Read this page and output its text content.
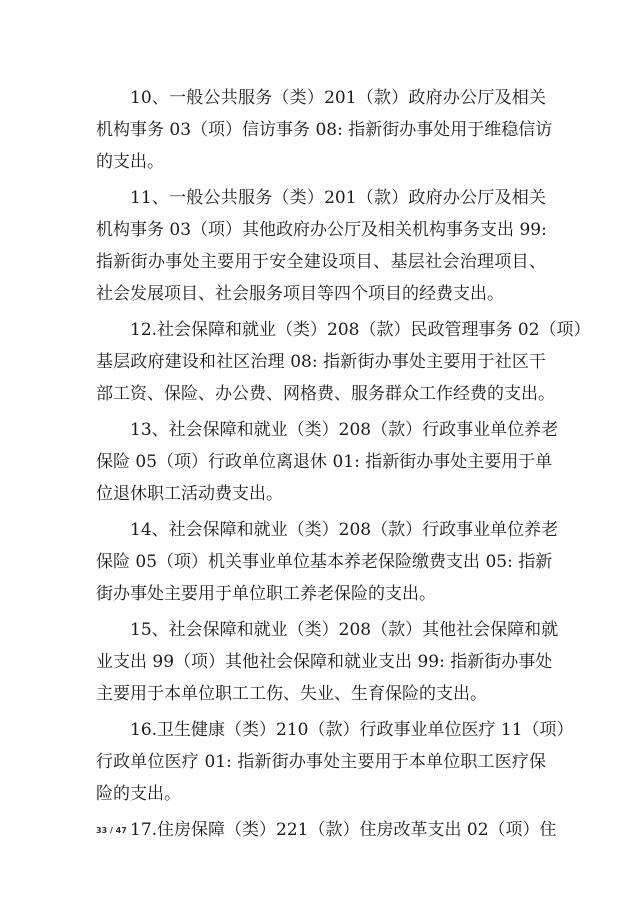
10、一般公共服务（类）201（款）政府办公厅及相关
机构事务 03（项）信访事务 08: 指新街办事处用于维稳信访
的支出。
11、一般公共服务（类）201（款）政府办公厅及相关
机构事务 03（项）其他政府办公厅及相关机构事务支出 99:
指新街办事处主要用于安全建设项目、基层社会治理项目、
社会发展项目、社会服务项目等四个项目的经费支出。
12.社会保障和就业（类）208（款）民政管理事务 02（项）
基层政府建设和社区治理 08: 指新街办事处主要用于社区干
部工资、保险、办公费、网格费、服务群众工作经费的支出。
13、社会保障和就业（类）208（款）行政事业单位养老
保险 05（项）行政单位离退休 01: 指新街办事处主要用于单
位退休职工活动费支出。
14、社会保障和就业（类）208（款）行政事业单位养老
保险 05（项）机关事业单位基本养老保险缴费支出 05: 指新
街办事处主要用于单位职工养老保险的支出。
15、社会保障和就业（类）208（款）其他社会保障和就
业支出 99（项）其他社会保障和就业支出 99: 指新街办事处
主要用于本单位职工工伤、失业、生育保险的支出。
16.卫生健康（类）210（款）行政事业单位医疗 11（项）
行政单位医疗 01: 指新街办事处主要用于本单位职工医疗保
险的支出。
17.住房保障（类）221（款）住房改革支出 02（项）住
33 / 47
